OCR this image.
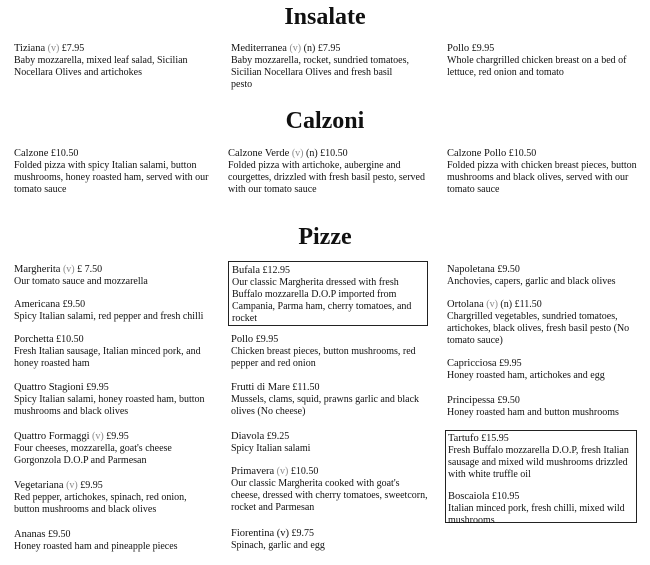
Insalate
Calzoni
Pizze
Tiziana (v) £7.95
Baby mozzarella, mixed leaf salad, Sicilian Nocellara Olives and artichokes
Mediterranea (v) (n) £7.95
Baby mozzarella, rocket, sundried tomatoes, Sicilian Nocellara Olives and fresh basil pesto
Pollo £9.95
Whole chargrilled chicken breast on a bed of lettuce, red onion and tomato
Calzone £10.50
Folded pizza with spicy Italian salami, button mushrooms, honey roasted ham, served with our tomato sauce
Calzone Verde (v) (n) £10.50
Folded pizza with artichoke, aubergine and courgettes, drizzled with fresh basil pesto, served with our tomato sauce
Calzone Pollo £10.50
Folded pizza with chicken breast pieces, button mushrooms and black olives, served with our tomato sauce
Margherita (v) £ 7.50
Our tomato sauce and mozzarella
Americana £9.50
Spicy Italian salami, red pepper and fresh chilli
Porchetta £10.50
Fresh Italian sausage, Italian minced pork, and honey roasted ham
Quattro Stagioni £9.95
Spicy Italian salami, honey roasted ham, button mushrooms and black olives
Quattro Formaggi (v) £9.95
Four cheeses, mozzarella, goat's cheese Gorgonzola D.O.P and Parmesan
Vegetariana (v) £9.95
Red pepper, artichokes, spinach, red onion, button mushrooms and black olives
Ananas £9.50
Honey roasted ham and pineapple pieces
Bufala £12.95
Our classic Margherita dressed with fresh Buffalo mozzarella D.O.P imported from Campania, Parma ham, cherry tomatoes, and rocket
Pollo £9.95
Chicken breast pieces, button mushrooms, red pepper and red onion
Frutti di Mare £11.50
Mussels, clams, squid, prawns garlic and black olives (No cheese)
Diavola £9.25
Spicy Italian salami
Primavera (v) £10.50
Our classic Margherita cooked with goat's cheese, dressed with cherry tomatoes, sweetcorn, rocket and Parmesan
Fiorentina (v) £9.75
Spinach, garlic and egg
Napoletana £9.50
Anchovies, capers, garlic and black olives
Ortolana (v) (n) £11.50
Chargrilled vegetables, sundried tomatoes, artichokes, black olives, fresh basil pesto (No tomato sauce)
Capricciosa £9.95
Honey roasted ham, artichokes and egg
Principessa £9.50
Honey roasted ham and button mushrooms
Tartufo £15.95
Fresh Buffalo mozzarella D.O.P, fresh Italian sausage and mixed wild mushrooms drizzled with white truffle oil
Boscaiola £10.95
Italian minced pork, fresh chilli, mixed wild mushrooms
